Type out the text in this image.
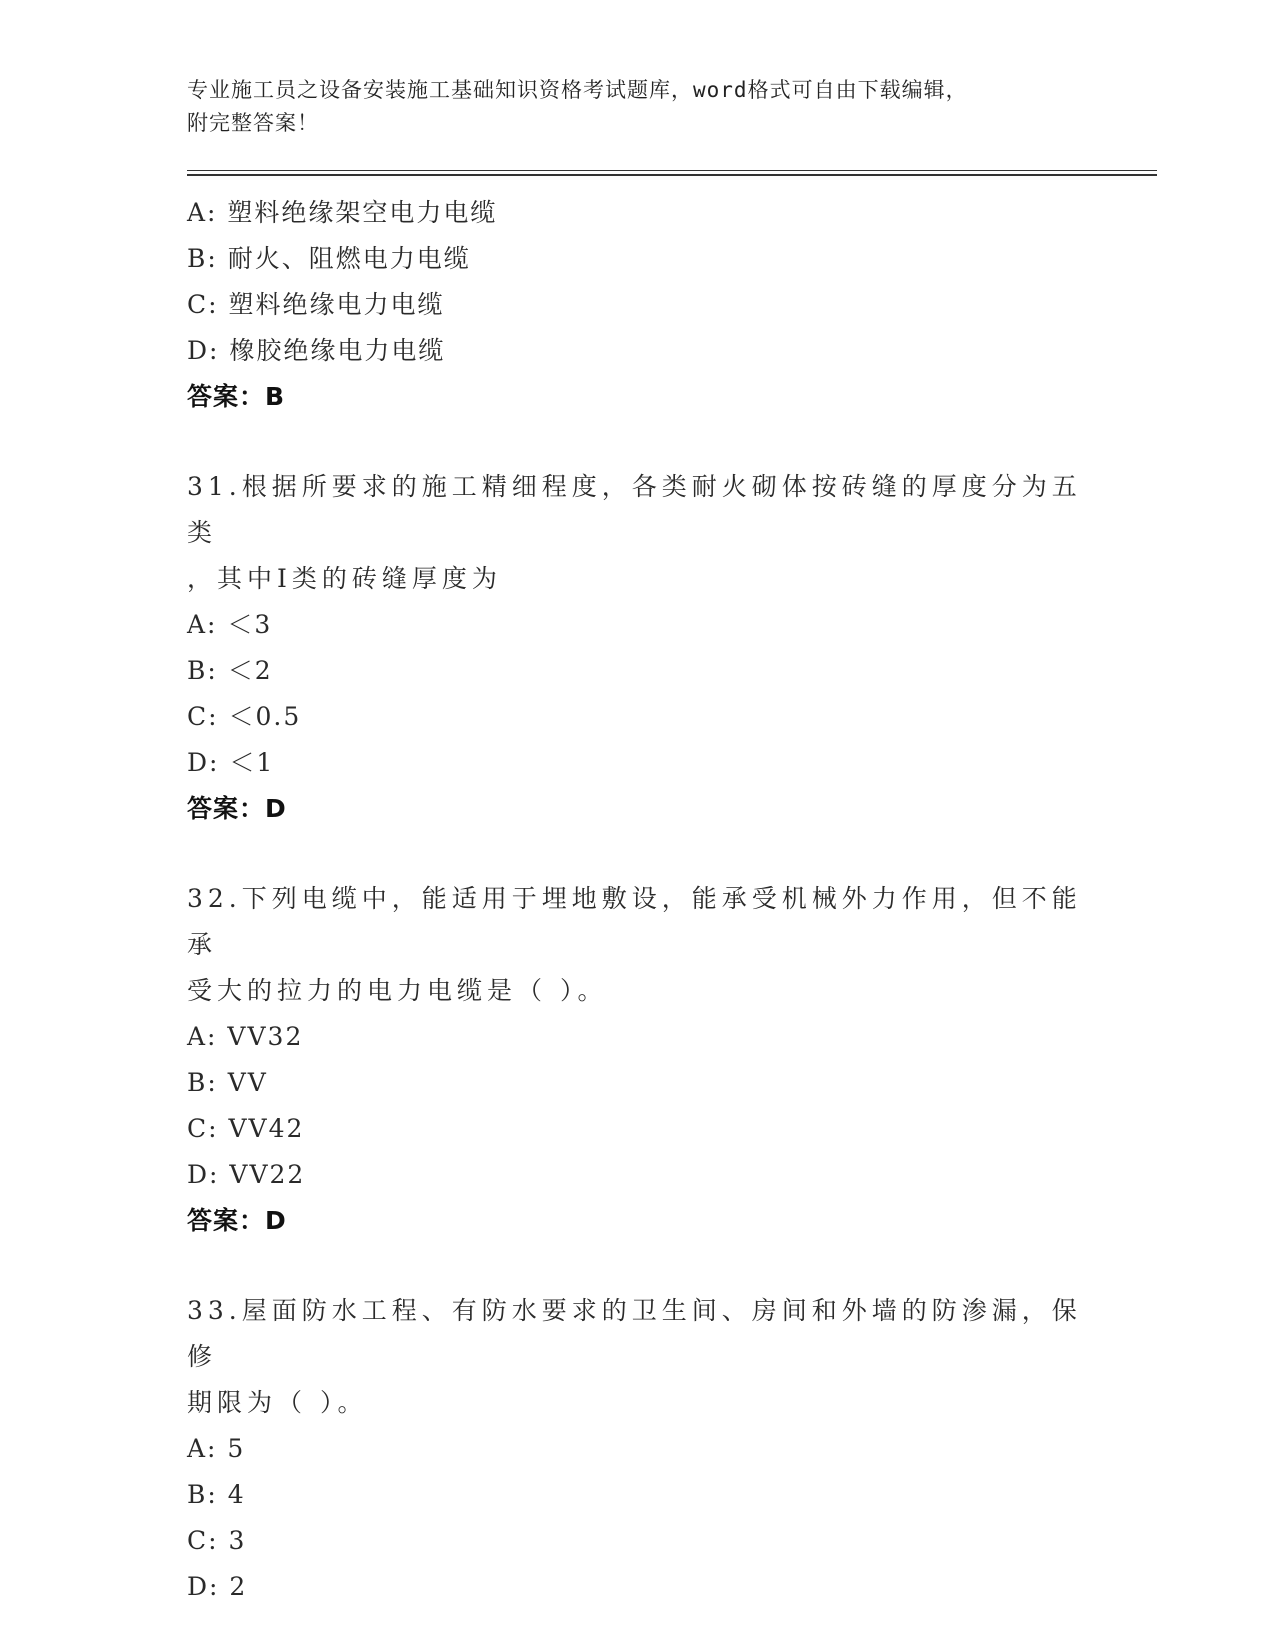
专业施工员之设备安装施工基础知识资格考试题库，word格式可自由下载编辑，
附完整答案！
A: 塑料绝缘架空电力电缆
B: 耐火、阻燃电力电缆
C: 塑料绝缘电力电缆
D: 橡胶绝缘电力电缆
答案：B
31.根据所要求的施工精细程度，各类耐火砌体按砖缝的厚度分为五类
，其中Ⅰ类的砖缝厚度为
A: ＜3
B: ＜2
C: ＜0.5
D: ＜1
答案：D
32.下列电缆中，能适用于埋地敷设，能承受机械外力作用，但不能承
受大的拉力的电力电缆是（ ）。
A: VV32
B: VV
C: VV42
D: VV22
答案：D
33.屋面防水工程、有防水要求的卫生间、房间和外墙的防渗漏，保修
期限为（ ）。
A: 5
B: 4
C: 3
D: 2
